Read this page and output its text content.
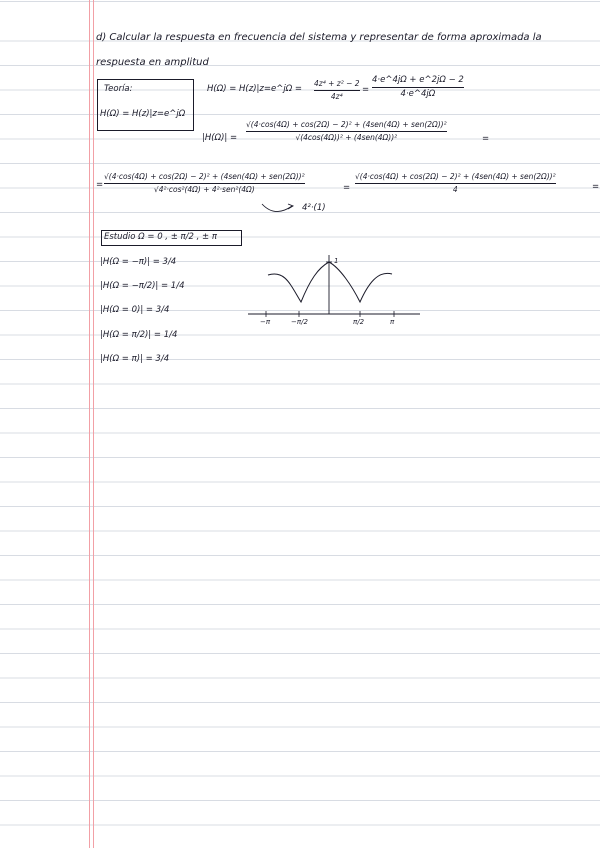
d) Calcular la respuesta en frecuencia del sistema y representar de forma aproximada la
respuesta en amplitud
Teoría:
H(Ω) = H(z)|z=e^jΩ
H(Ω) = H(z)|z=e^jΩ =
4z⁴ + z² − 2
4z⁴
=
4·e^4jΩ + e^2jΩ − 2
4·e^4jΩ
|H(Ω)| =
√(4·cos(4Ω) + cos(2Ω) − 2)² + (4sen(4Ω) + sen(2Ω))²
√(4cos(4Ω))² + (4sen(4Ω))²	=
=
√(4·cos(4Ω) + cos(2Ω) − 2)² + (4sen(4Ω) + sen(2Ω))²
√4²·cos²(4Ω) + 4²·sen²(4Ω)	=
√(4·cos(4Ω) + cos(2Ω) − 2)² + (4sen(4Ω) + sen(2Ω))²
4	=
4²·(1)
Estudio Ω = 0 , ± π/2 , ± π
|H(Ω = −π)| = 3/4
|H(Ω = −π/2)| = 1/4
|H(Ω = 0)| = 3/4
|H(Ω = π/2)| = 1/4
|H(Ω = π)| = 3/4
1
−π	−π/2	π/2	π
